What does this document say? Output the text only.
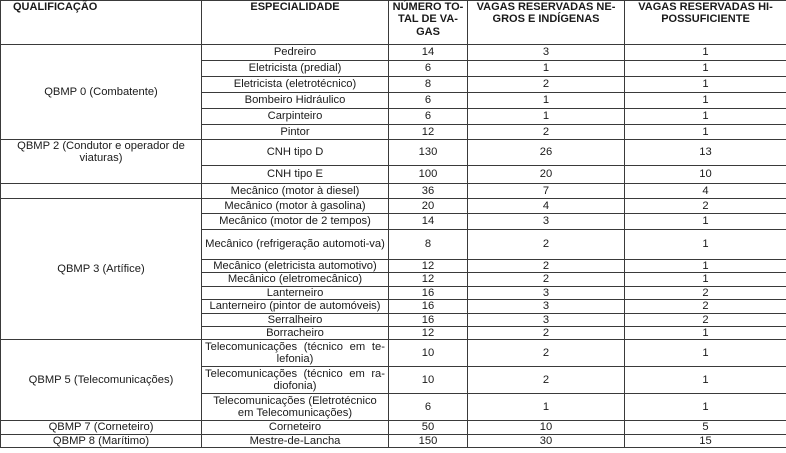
QUALIFICAÇÃO	ESPECIALIDADE	NÚMERO TO-TAL DE VA-GAS	VAGAS RESERVADAS NE-GROS E INDÍGENAS	VAGAS RESERVADAS HI-POSSUFICIENTE
QBMP 0 (Combatente)	Pedreiro	14	3	1
	Eletricista (predial)	6	1	1
	Eletricista (eletrotécnico)	8	2	1
	Bombeiro Hidráulico	6	1	1
	Carpinteiro	6	1	1
	Pintor	12	2	1
QBMP 2 (Condutor e operador de viaturas)	CNH tipo D	130	26	13
	CNH tipo E	100	20	10
	Mecânico (motor à diesel)	36	7	4
QBMP 3 (Artífice)	Mecânico (motor à gasolina)	20	4	2
	Mecânico (motor de 2 tempos)	14	3	1
	Mecânico (refrigeração automoti-va)	8	2	1
	Mecânico (eletricista automotivo)	12	2	1
	Mecânico (eletromecânico)	12	2	1
	Lanterneiro	16	3	2
	Lanterneiro (pintor de automóveis)	16	3	2
	Serralheiro	16	3	2
	Borracheiro	12	2	1
QBMP 5 (Telecomunicações)	Telecomunicações (técnico em te-lefonia)	10	2	1
	Telecomunicações (técnico em ra-diofonia)	10	2	1
	Telecomunicações (Eletrotécnico em Telecomunicações)	6	1	1
QBMP 7 (Corneteiro)	Corneteiro	50	10	5
QBMP 8 (Marítimo)	Mestre-de-Lancha	150	30	15
